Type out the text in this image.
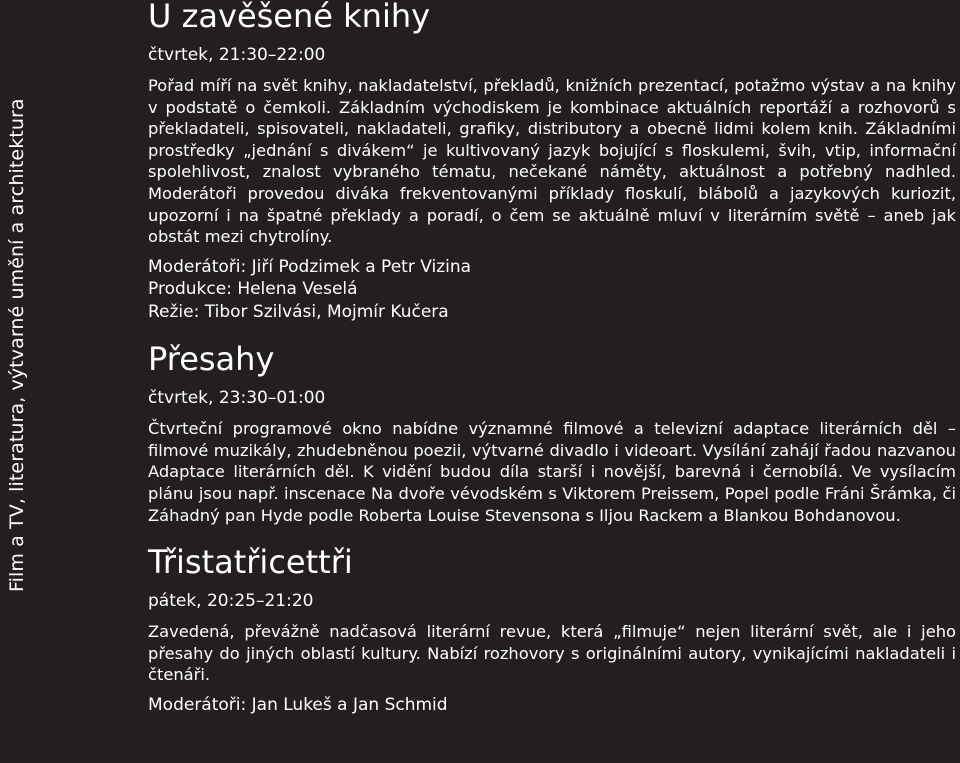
Film a TV, literatura, výtvarné umění a architektura
U zavěšené knihy

čtvrtek, 21:30–22:00

Pořad míří na svět knihy, nakladatelství, překladů, knižních prezentací, potažmo výstav a na knihy v podstatě o čemkoli. Základním východiskem je kombinace aktuálních reportáží a rozhovorů s překladateli, spisovateli, nakladateli, grafiky, distributory a obecně lidmi kolem knih. Základními prostředky „jednání s divákem“ je kultivovaný jazyk bojující s floskulemi, švih, vtip, informační spolehlivost, znalost vybraného tématu, nečekané náměty, aktuálnost a potřebný nadhled. Moderátoři provedou diváka frekventovanými příklady floskulí, blábolů a jazykových kuriozit, upozorní i na špatné překlady a poradí, o čem se aktuálně mluví v literárním světě – aneb jak obstát mezi chytrolíny.

Moderátoři: Jiří Podzimek a Petr Vizina
Produkce: Helena Veselá
Režie: Tibor Szilvási, Mojmír Kučera
Přesahy

čtvrtek, 23:30–01:00

Čtvrteční programové okno nabídne významné filmové a televizní adaptace literárních děl – filmové muzikály, zhudebněnou poezii, výtvarné divadlo i videoart. Vysílání zahájí řadou nazvanou Adaptace literárních děl. K vidění budou díla starší i novější, barevná i černobílá. Ve vysílacím plánu jsou např. inscenace Na dvoře vévodském s Viktorem Preissem, Popel podle Fráni Šrámka, či Záhadný pan Hyde podle Roberta Louise Stevensona s Iljou Rackem a Blankou Bohdanovou.

Třistatřicettři

pátek, 20:25–21:20

Zavedená, převážně nadčasová literární revue, která „filmuje“ nejen literární svět, ale i jeho přesahy do jiných oblastí kultury. Nabízí rozhovory s originálními autory, vynikajícími nakladateli i čtenáři.

Moderátoři: Jan Lukeš a Jan Schmid
